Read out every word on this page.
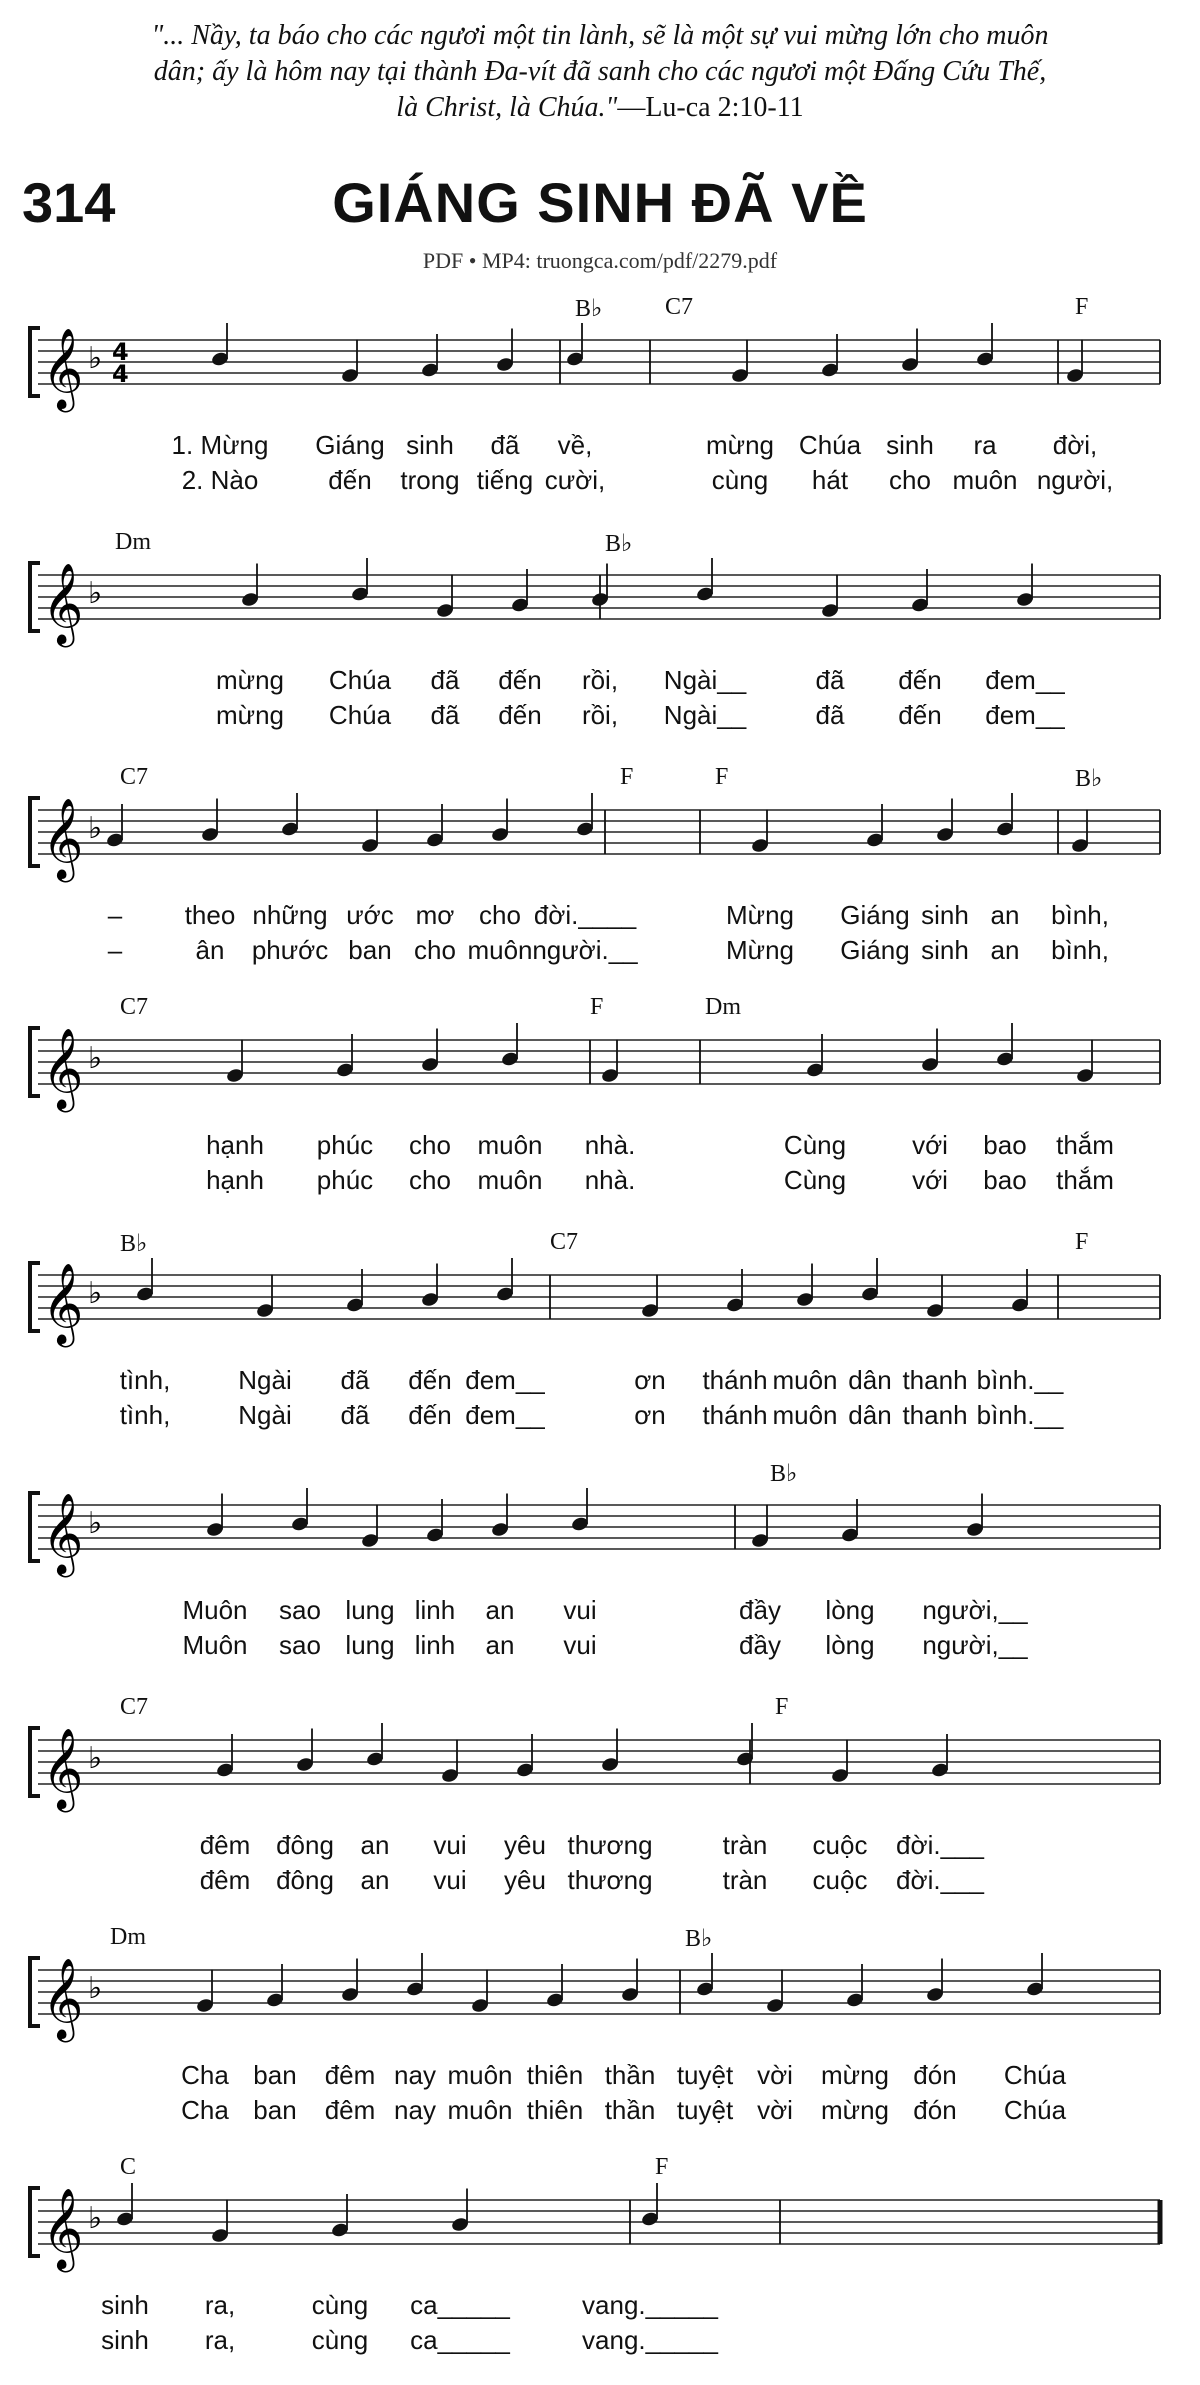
"... Nầy, ta báo cho các ngươi một tin lành, sẽ là một sự vui mừng lớn cho muôn
dân; ấy là hôm nay tại thành Đa-vít đã sanh cho các ngươi một Đấng Cứu Thế,
là Christ, là Chúa."—Lu-ca 2:10-11
314	GIÁNG SINH ĐÃ VỀ
PDF • MP4: truongca.com/pdf/2279.pdf
𝄞 ♭ 4
4
B♭	C7	F
1. Mừng Giáng sinh đã về,	mừng Chúa sinh ra đời,
2. Nào	đến trong tiếng cười,	cùng hát cho muôn người,
𝄞 ♭
Dm	B♭
mừng Chúa đã đến rồi, Ngài__	đã đến đem__
mừng Chúa đã đến rồi, Ngài__	đã đến đem__
𝄞 ♭
C7	F	F	B♭
– theo những ước mơ cho đời.____	Mừng Giáng sinh an bình,
–	ân phước ban cho muôn người.__	Mừng Giáng sinh an bình,
𝄞 ♭
C7	F	Dm
hạnh phúc cho muôn nhà.	Cùng	với bao thắm
hạnh phúc cho muôn nhà.	Cùng	với bao thắm
𝄞 ♭
B♭	C7	F
tình,	Ngài đã đến đem__	ơn thánh muôn dân thanh bình.__
tình,	Ngài đã đến đem__	ơn thánh muôn dân thanh bình.__
𝄞 ♭
B♭
Muôn sao lung linh an vui	đầy lòng người,__
Muôn sao lung linh an vui	đầy lòng người,__
𝄞 ♭
C7	F
đêm đông an vui yêu thương	tràn cuộc đời.___
đêm đông an vui yêu thương	tràn cuộc đời.___
𝄞 ♭
Dm	B♭
Cha ban đêm nay muôn thiên thần tuyệt vời mừng đón Chúa
Cha ban đêm nay muôn thiên thần tuyệt vời mừng đón Chúa
𝄞 ♭
C	F
sinh ra,	cùng ca_____	vang._____
sinh ra,	cùng ca_____	vang._____
